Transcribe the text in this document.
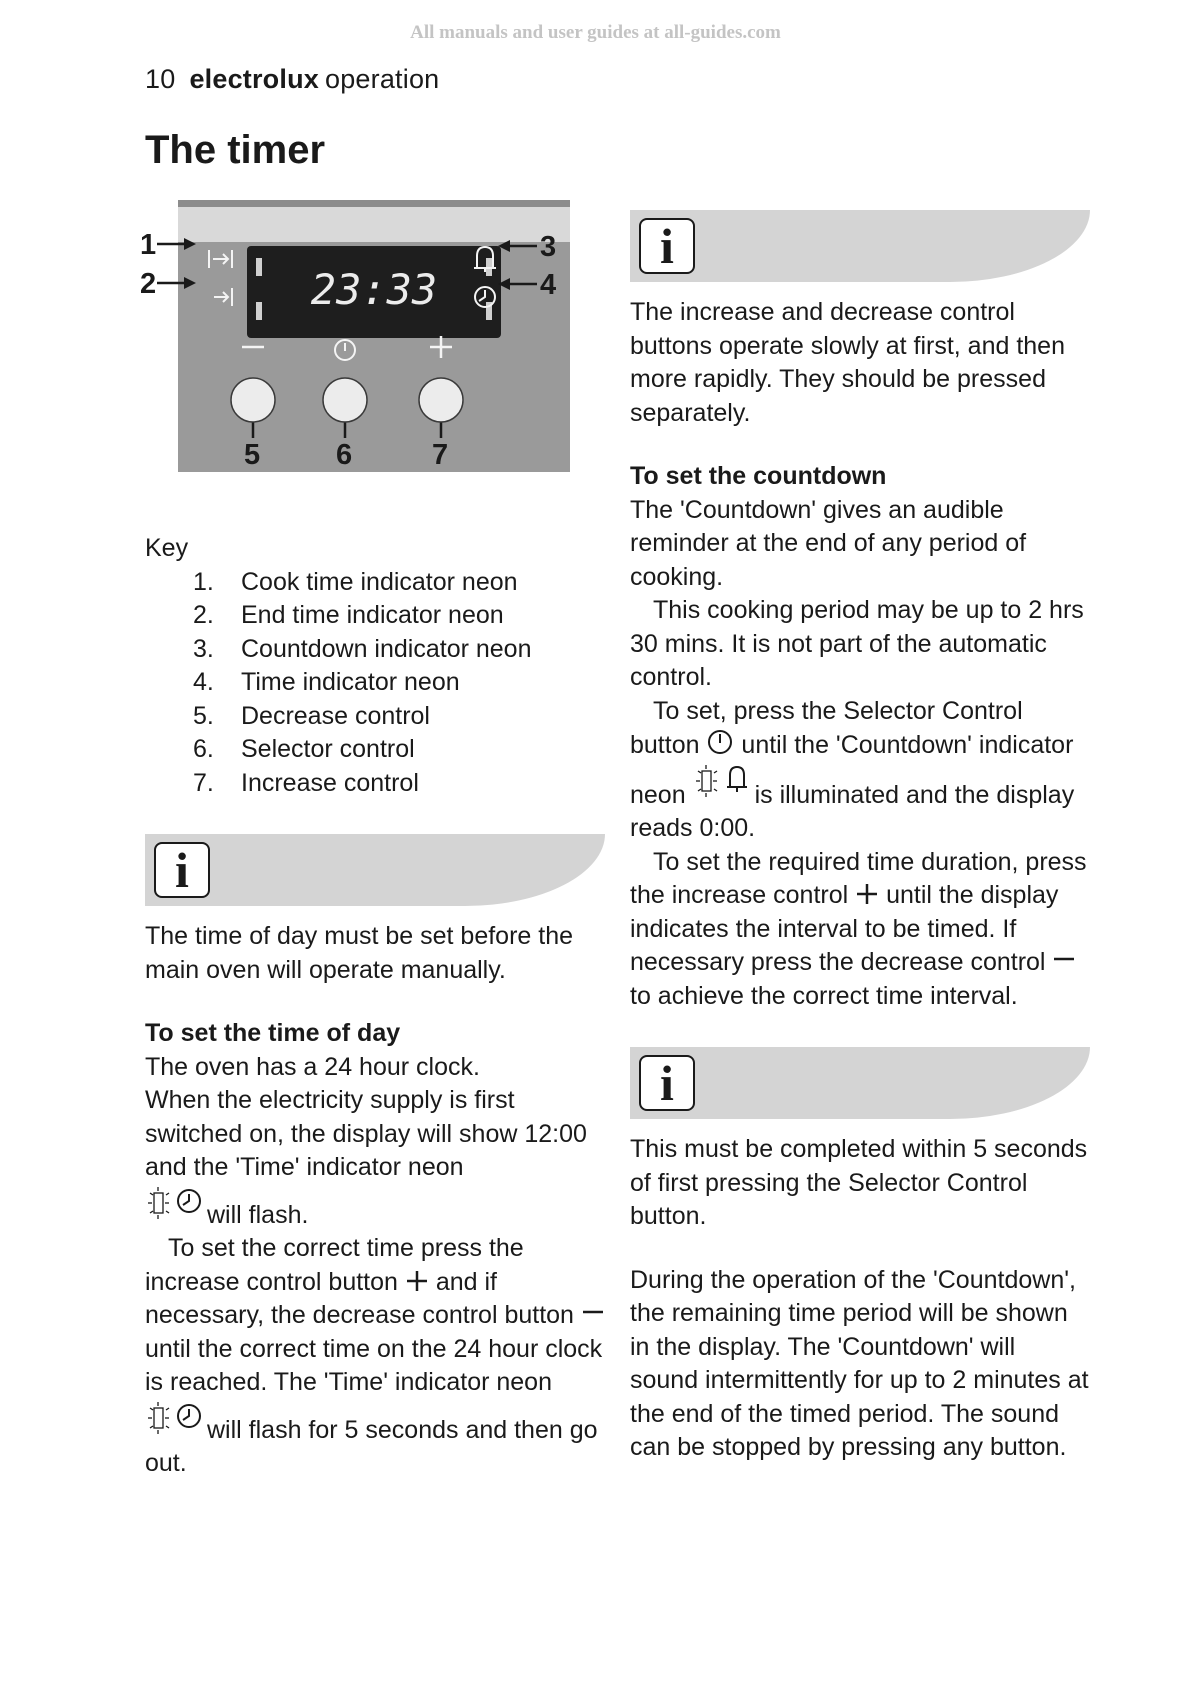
All manuals and user guides at all-guides.com
10 electrolux operation
The timer
23:33
1
2
3
4
5	6	7
Key
1.	Cook time indicator neon
2.	End time indicator neon
3.	Countdown indicator neon
4.	Time indicator neon
5.	Decrease control
6.	Selector control
7.	Increase control
i

The time of day must be set before the main oven will operate manually.

To set the time of day

The oven has a 24 hour clock.

When the electricity supply is first switched on, the display will show 12:00 and the 'Time' indicator neon
will flash.

To set the correct time press the increase control button and if necessary, the decrease control button  until the correct time on the 24 hour clock is reached. The 'Time' indicator neon will flash for 5 seconds and then go out.

i

The increase and decrease control buttons operate slowly at first, and then more rapidly. They should be pressed separately.

To set the countdown

The 'Countdown' gives an audible reminder at the end of any period of cooking.

This cooking period may be up to 2 hrs 30 mins. It is not part of the automatic control.

To set, press the Selector Control button until the 'Countdown' indicator neon	is illuminated and the display reads 0:00.

To set the required time duration, press the increase control until the display indicates the interval to be timed. If necessary press the decrease control  to achieve the correct time interval.

i

This must be completed within 5 seconds of first pressing the Selector Control button.

During the operation of the 'Countdown', the remaining time period will be shown in the display. The 'Countdown' will sound intermittently for up to 2 minutes at the end of the timed period. The sound can be stopped by pressing any button.
